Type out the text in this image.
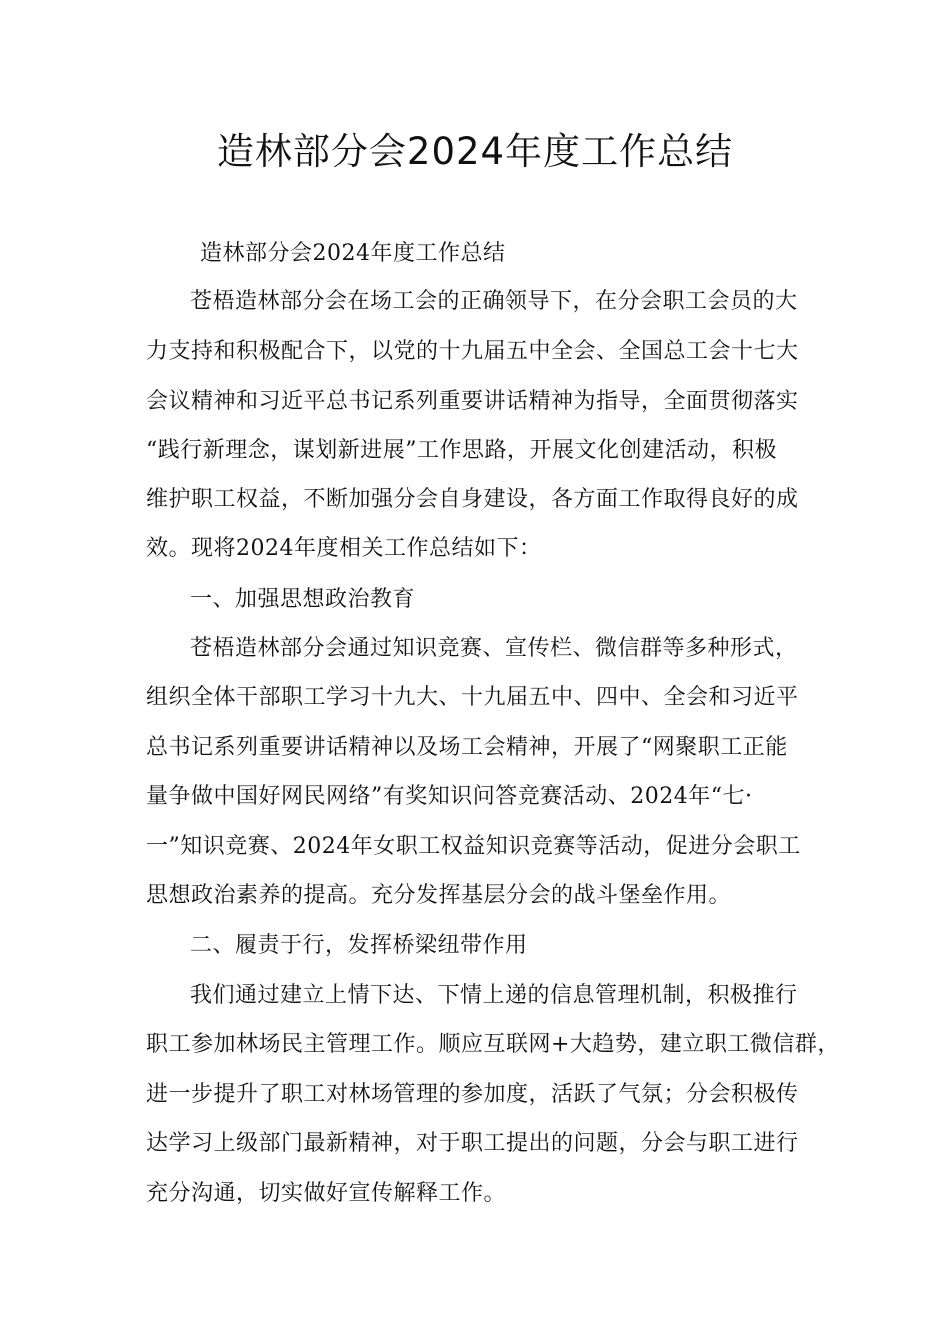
造林部分会2024年度工作总结
造林部分会2024年度工作总结
苍梧造林部分会在场工会的正确领导下，在分会职工会员的大
力支持和积极配合下，以党的十九届五中全会、全国总工会十七大
会议精神和习近平总书记系列重要讲话精神为指导，全面贯彻落实
“践行新理念，谋划新进展”工作思路，开展文化创建活动，积极
维护职工权益，不断加强分会自身建设，各方面工作取得良好的成
效。现将2024年度相关工作总结如下：
一、加强思想政治教育
苍梧造林部分会通过知识竞赛、宣传栏、微信群等多种形式，
组织全体干部职工学习十九大、十九届五中、四中、全会和习近平
总书记系列重要讲话精神以及场工会精神，开展了“网聚职工正能
量争做中国好网民网络”有奖知识问答竞赛活动、2024年“七·
一”知识竞赛、2024年女职工权益知识竞赛等活动，促进分会职工
思想政治素养的提高。充分发挥基层分会的战斗堡垒作用。
二、履责于行，发挥桥梁纽带作用
我们通过建立上情下达、下情上递的信息管理机制，积极推行
职工参加林场民主管理工作。顺应互联网+大趋势，建立职工微信群，
进一步提升了职工对林场管理的参加度，活跃了气氛；分会积极传
达学习上级部门最新精神，对于职工提出的问题，分会与职工进行
充分沟通，切实做好宣传解释工作。
